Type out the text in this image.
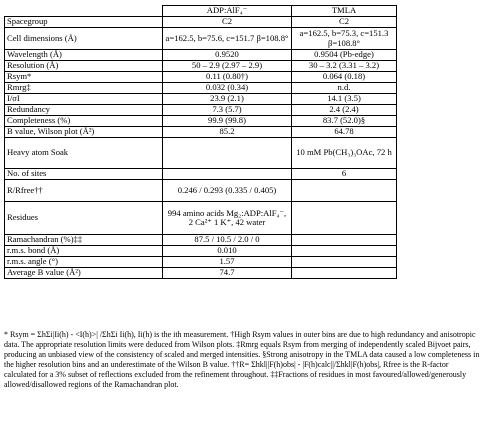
	ADP:AlF₄⁻	TMLA
Spacegroup	C2	C2
Cell dimensions (Å)	a=162.5, b=75.6, c=151.7 β=108.8°	a=162.5, b=75.3, c=151.3 β=108.8°
Wavelength (Å)	0.9520	0.9504 (Pb-edge)
Resolution (Å)	50 – 2.9 (2.97 – 2.9)	30 – 3.2 (3.31 – 3.2)
Rsym*	0.11 (0.80†)	0.064 (0.18)
Rmrg‡	0.032 (0.34)	n.d.
I/σI	23.9 (2.1)	14.1 (3.5)
Redundancy	7.3 (5.7)	2.4 (2.4)
Completeness (%)	99.9 (99.8)	83.7 (52.0)§
B value, Wilson plot (Å²)	85.2	64.78
Heavy atom Soak		10 mM Pb(CH₃)₃OAc, 72 h
No. of sites		6
R/Rfree††	0.246 / 0.293 (0.335 / 0.405)	
Residues	994 amino acids Mg₂:ADP:AlF₄⁻, 2 Ca²⁺ 1 K⁺, 42 water	
Ramachandran (%)‡‡	87.5 / 10.5 / 2.0 / 0	
r.m.s. bond (Å)	0.010	
r.m.s. angle (°)	1.57	
Average B value (Å²)	74.7	

* Rsym = ΣhΣi|Ii(h) - <I(h)>| /ΣhΣi Ii(h), Ii(h) is the ith measurement. †High Rsym values in outer bins are due to high redundancy and anisotropic data. The appropriate resolution limits were deduced from Wilson plots. ‡Rmrg equals Rsym from merging of independently scaled Bijvoet pairs, producing an unbiased view of the consistency of scaled and merged intensities. §Strong anisotropy in the TMLA data caused a low completeness in the higher resolution bins and an underestimate of the Wilson B value. ††R= Σhkl||F(h)obs| - |F(h)calc||/Σhkl|F(h)obs|, Rfree is the R-factor calculated for a 3% subset of reflections excluded from the refinement throughout. ‡‡Fractions of residues in most favoured/allowed/generously allowed/disallowed regions of the Ramachandran plot.
